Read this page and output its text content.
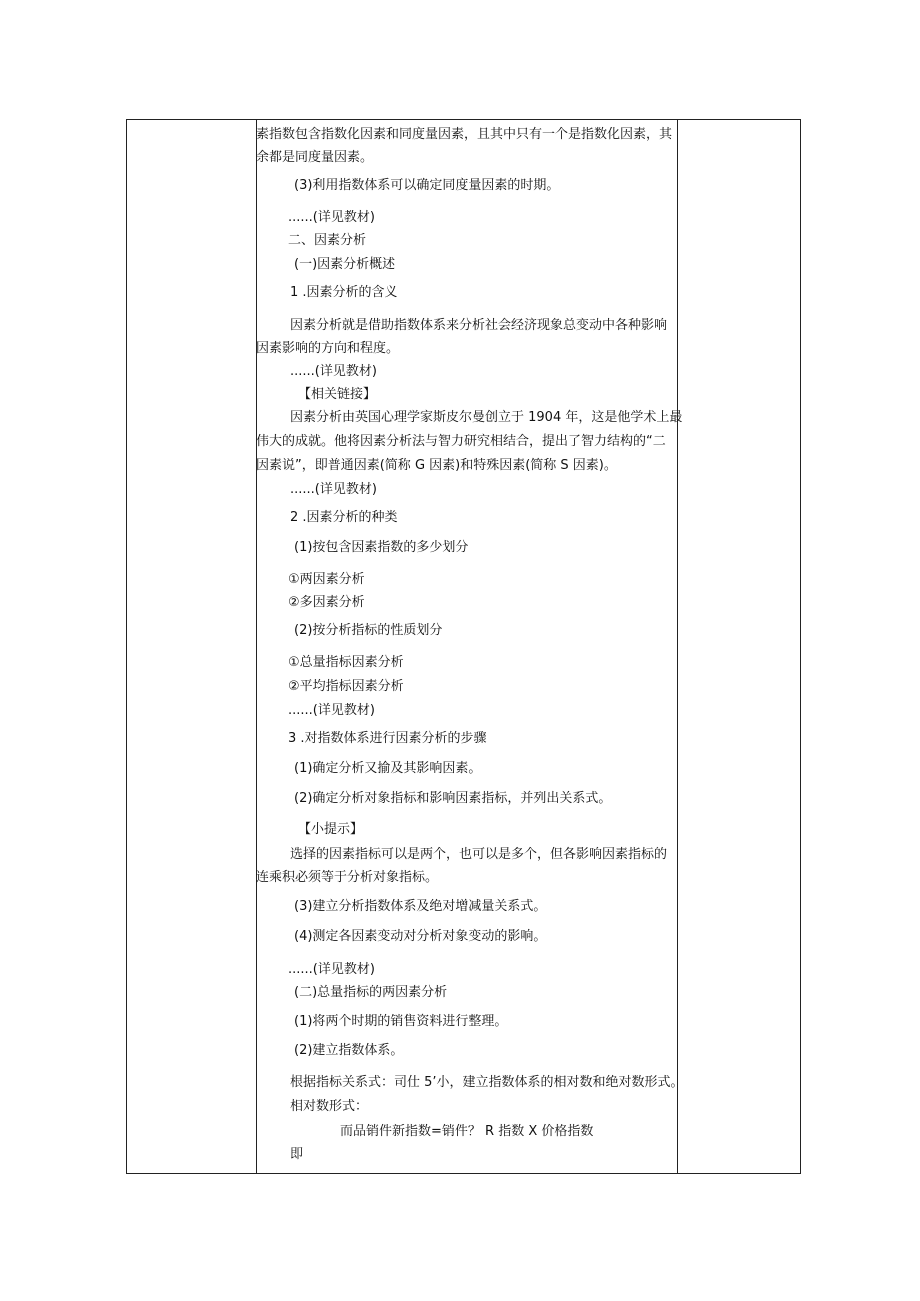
素指数包含指数化因素和同度量因素，且其中只有一个是指数化因素，其
余都是同度量因素。
(3)利用指数体系可以确定同度量因素的时期。
......(详见教材)
二、因素分析
(一)因素分析概述
1 .因素分析的含义
因素分析就是借助指数体系来分析社会经济现象总变动中各种影响
因素影响的方向和程度。
......(详见教材)
【相关链接】
因素分析由英国心理学家斯皮尔曼创立于 1904 年，这是他学术上最
伟大的成就。他将因素分析法与智力研究相结合，提出了智力结构的“二
因素说”，即普通因素(简称 G 因素)和特殊因素(简称 S 因素)。
......(详见教材)
2 .因素分析的种类
(1)按包含因素指数的多少划分
①两因素分析
②多因素分析
(2)按分析指标的性质划分
①总量指标因素分析
②平均指标因素分析
......(详见教材)
3 .对指数体系进行因素分析的步骤
(1)确定分析又揄及其影响因素。
(2)确定分析对象指标和影响因素指标，并列出关系式。
【小提示】
选择的因素指标可以是两个，也可以是多个，但各影响因素指标的
连乘积必须等于分析对象指标。
(3)建立分析指数体系及绝对增减量关系式。
(4)测定各因素变动对分析对象变动的影响。
......(详见教材)
(二)总量指标的两因素分析
(1)将两个时期的销售资料进行整理。
(2)建立指数体系。
根据指标关系式：司仕 5’小，建立指数体系的相对数和绝对数形式。
相对数形式：
而品销件新指数=销件？ R 指数 X 价格指数
即
